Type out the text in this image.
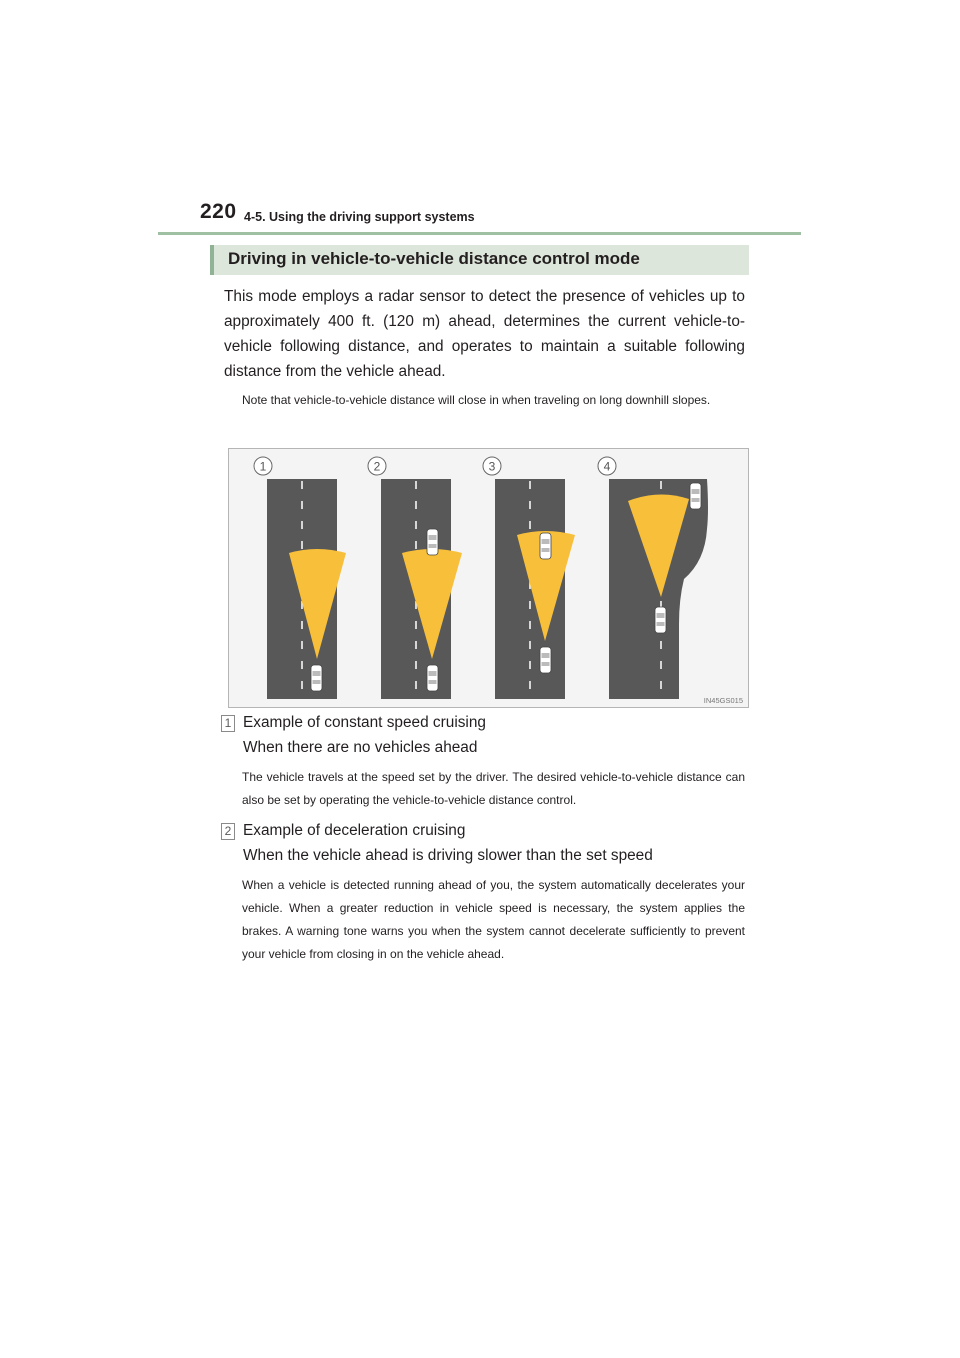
220 4-5. Using the driving support systems
Driving in vehicle-to-vehicle distance control mode

This mode employs a radar sensor to detect the presence of vehicles up to approximately 400 ft. (120 m) ahead, determines the current vehicle-to-vehicle following distance, and operates to maintain a suitable following distance from the vehicle ahead.

Note that vehicle-to-vehicle distance will close in when traveling on long downhill slopes.

1	2	3	4
IN45GS015
1 Example of constant speed cruising
When there are no vehicles ahead

The vehicle travels at the speed set by the driver. The desired vehicle-to-vehicle distance can also be set by operating the vehicle-to-vehicle distance control.

2 Example of deceleration cruising
When the vehicle ahead is driving slower than the set speed

When a vehicle is detected running ahead of you, the system automatically decelerates your vehicle. When a greater reduction in vehicle speed is necessary, the system applies the brakes. A warning tone warns you when the system cannot decelerate sufficiently to prevent your vehicle from closing in on the vehicle ahead.
